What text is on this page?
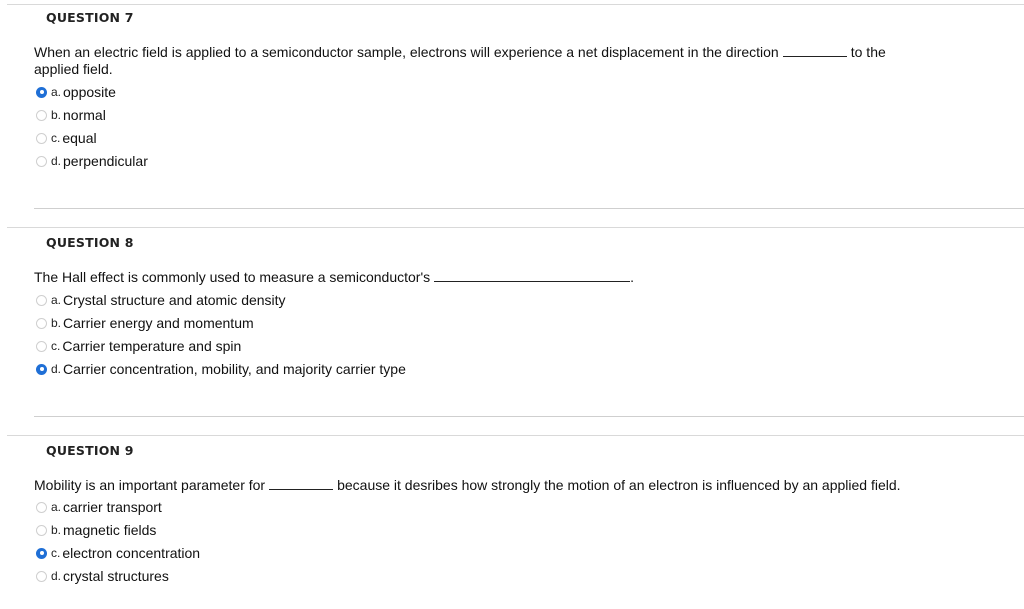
QUESTION 7
When an electric field is applied to a semiconductor sample, electrons will experience a net displacement in the direction	to the
applied field.
a. opposite
b. normal
c. equal
d. perpendicular
QUESTION 8
The Hall effect is commonly used to measure a semiconductor's	.
a. Crystal structure and atomic density
b. Carrier energy and momentum
c. Carrier temperature and spin
d. Carrier concentration, mobility, and majority carrier type
QUESTION 9
Mobility is an important parameter for	because it desribes how strongly the motion of an electron is influenced by an applied field.
a. carrier transport
b. magnetic fields
c. electron concentration
d. crystal structures
